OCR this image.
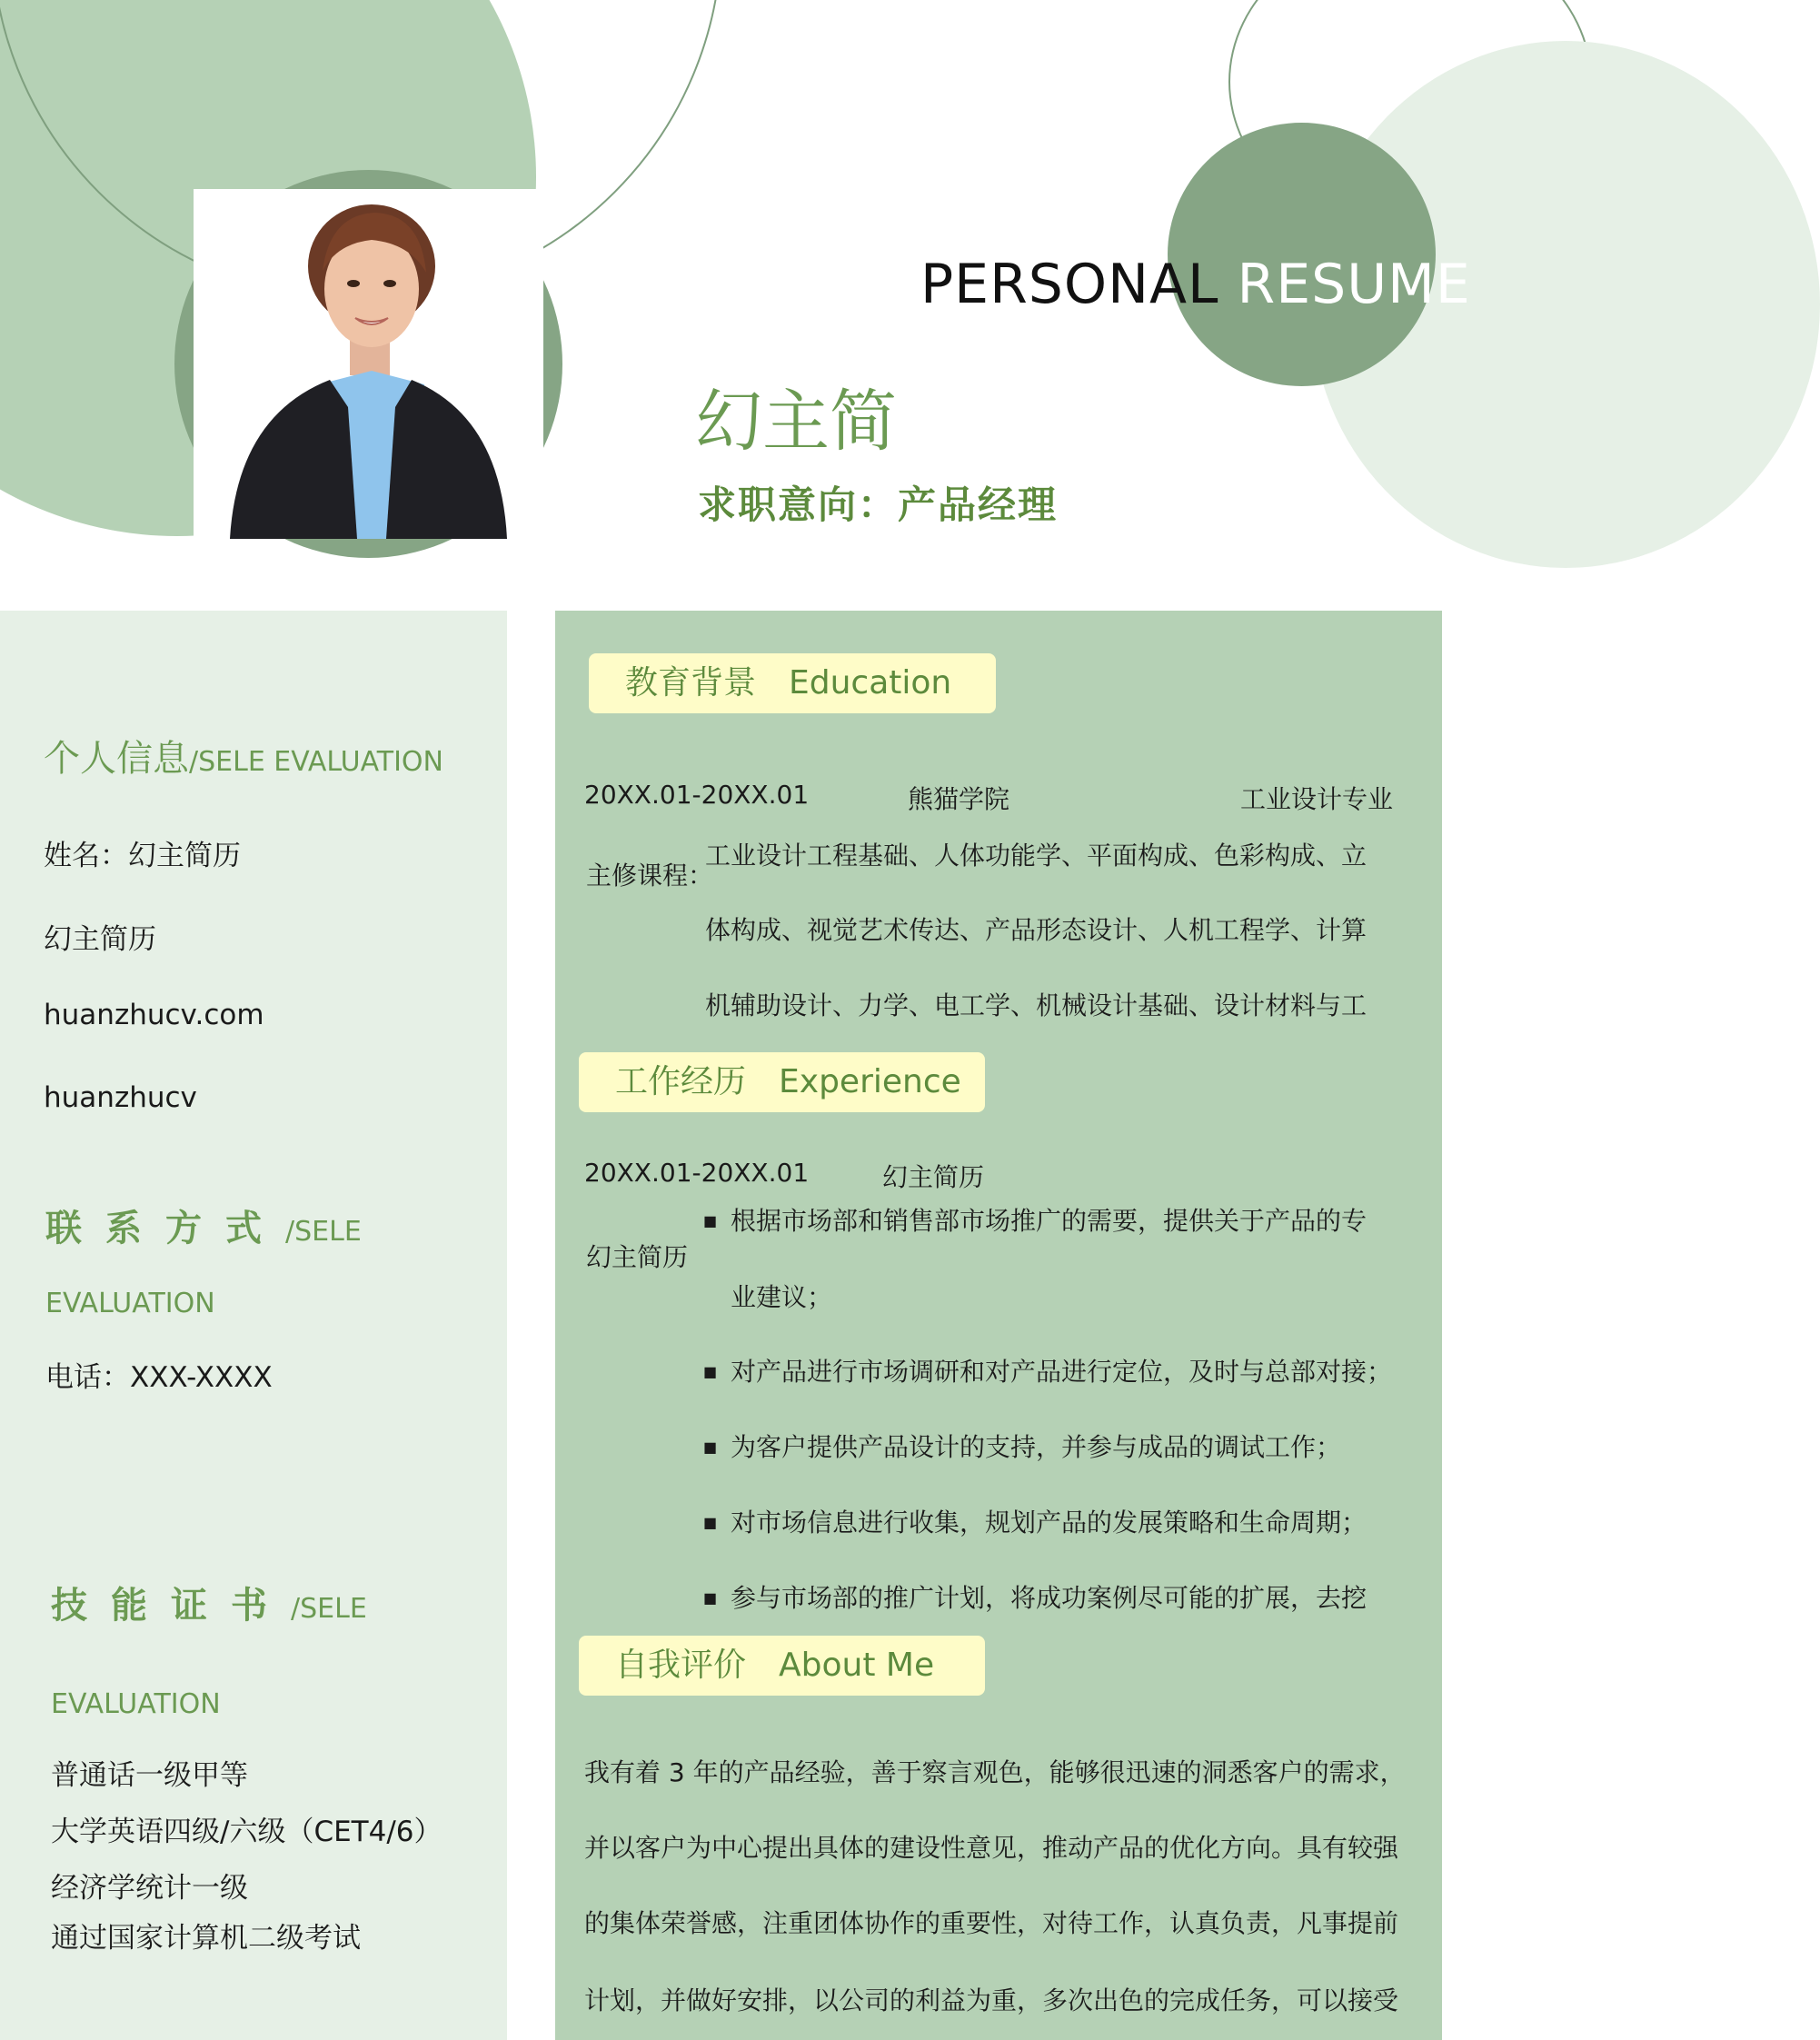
PERSONAL RESUME
幻主简
求职意向：产品经理
个人信息/SELE EVALUATION
姓名：幻主简历
幻主简历
huanzhucv.com
huanzhucv
联系方式/SELE
EVALUATION
电话：XXX-XXXX
技能证书/SELE
EVALUATION
普通话一级甲等
大学英语四级/六级（CET4/6）
经济学统计一级
通过国家计算机二级考试
教育背景 Education
20XX.01-20XX.01	熊猫学院	工业设计专业
主修课程：
工业设计工程基础、人体功能学、平面构成、色彩构成、立
体构成、视觉艺术传达、产品形态设计、人机工程学、计算
机辅助设计、力学、电工学、机械设计基础、设计材料与工
工作经历 Experience
20XX.01-20XX.01	幻主简历
幻主简历
■ 根据市场部和销售部市场推广的需要，提供关于产品的专
业建议；
■ 对产品进行市场调研和对产品进行定位，及时与总部对接；
■ 为客户提供产品设计的支持，并参与成品的调试工作；
■ 对市场信息进行收集，规划产品的发展策略和生命周期；
■ 参与市场部的推广计划，将成功案例尽可能的扩展，去挖
自我评价 About Me
我有着 3 年的产品经验，善于察言观色，能够很迅速的洞悉客户的需求，
并以客户为中心提出具体的建设性意见，推动产品的优化方向。具有较强
的集体荣誉感，注重团体协作的重要性，对待工作，认真负责，凡事提前
计划，并做好安排，以公司的利益为重，多次出色的完成任务，可以接受
